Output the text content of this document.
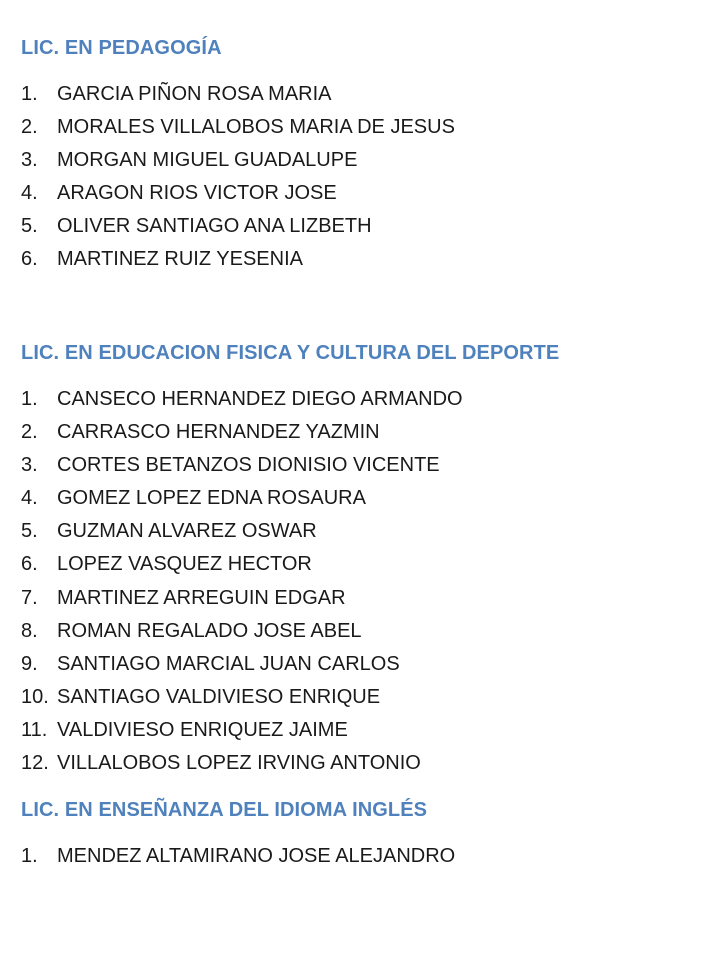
LIC. EN PEDAGOGÍA
1. GARCIA PIÑON ROSA MARIA
2. MORALES VILLALOBOS MARIA DE JESUS
3. MORGAN MIGUEL GUADALUPE
4. ARAGON RIOS VICTOR JOSE
5. OLIVER SANTIAGO ANA LIZBETH
6. MARTINEZ RUIZ YESENIA
LIC. EN EDUCACION FISICA Y CULTURA DEL DEPORTE
1. CANSECO HERNANDEZ DIEGO ARMANDO
2. CARRASCO HERNANDEZ YAZMIN
3. CORTES BETANZOS DIONISIO VICENTE
4. GOMEZ LOPEZ EDNA ROSAURA
5. GUZMAN ALVAREZ OSWAR
6. LOPEZ VASQUEZ HECTOR
7. MARTINEZ ARREGUIN EDGAR
8. ROMAN REGALADO JOSE ABEL
9. SANTIAGO MARCIAL JUAN CARLOS
10. SANTIAGO VALDIVIESO ENRIQUE
11. VALDIVIESO ENRIQUEZ JAIME
12. VILLALOBOS LOPEZ IRVING ANTONIO
LIC. EN ENSEÑANZA DEL IDIOMA INGLÉS
1. MENDEZ ALTAMIRANO JOSE ALEJANDRO
